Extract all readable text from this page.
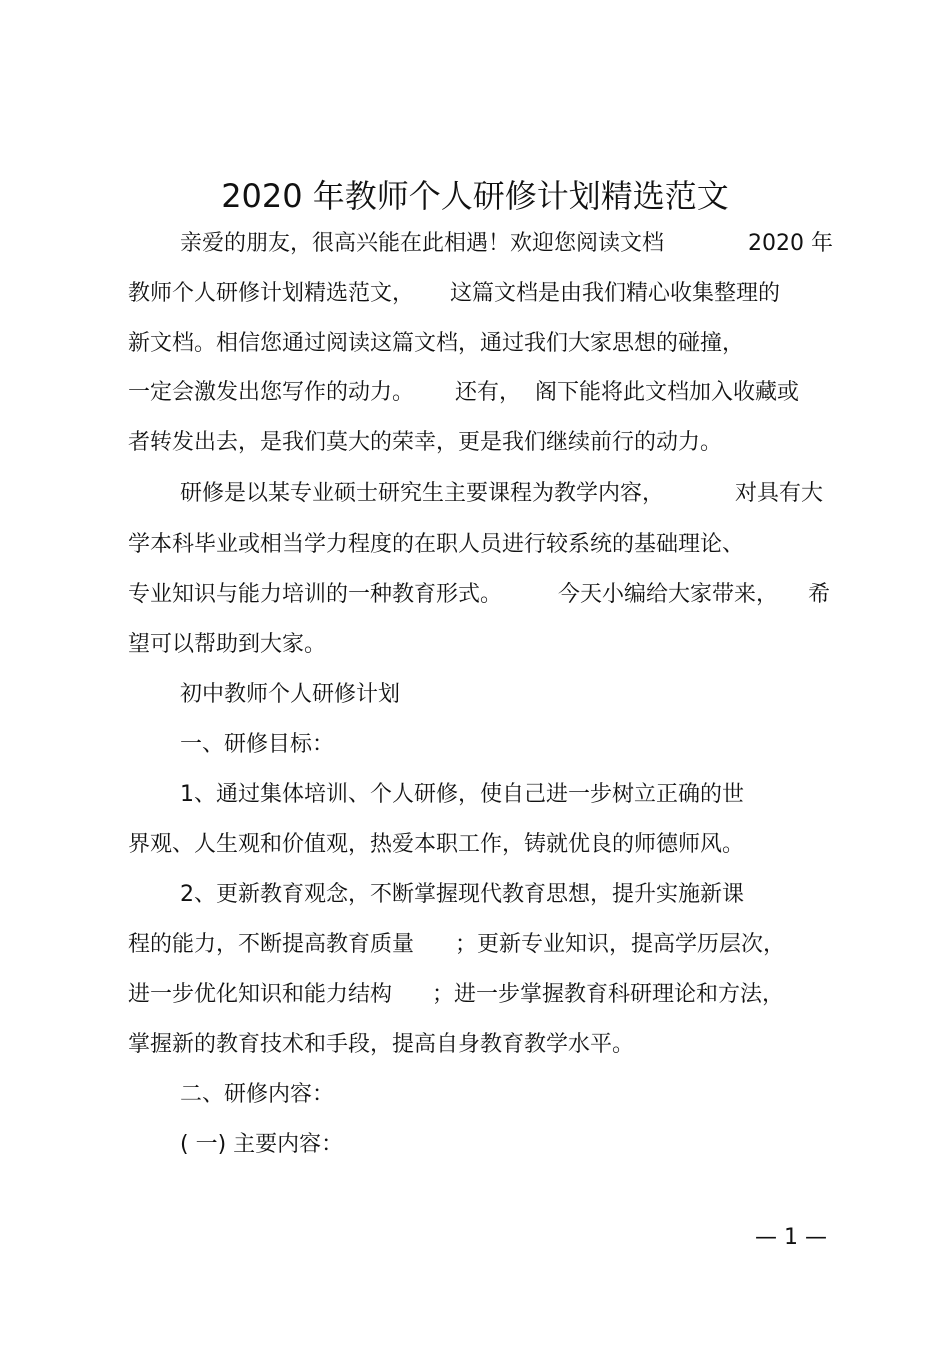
2020 年教师个人研修计划精选范文
亲爱的朋友，很高兴能在此相遇！欢迎您阅读文档	2020 年
教师个人研修计划精选范文， 这篇文档是由我们精心收集整理的
新文档。相信您通过阅读这篇文档，通过我们大家思想的碰撞，
一定会激发出您写作的动力。 还有，  阁下能将此文档加入收藏或
者转发出去，是我们莫大的荣幸，更是我们继续前行的动力。
研修是以某专业硕士研究生主要课程为教学内容，	对具有大
学本科毕业或相当学力程度的在职人员进行较系统的基础理论、
专业知识与能力培训的一种教育形式。	今天小编给大家带来， 希
望可以帮助到大家。
初中教师个人研修计划
一、研修目标：
1、通过集体培训、个人研修，使自己进一步树立正确的世
界观、人生观和价值观，热爱本职工作，铸就优良的师德师风。
2、更新教育观念，不断掌握现代教育思想，提升实施新课
程的能力，不断提高教育质量 ；更新专业知识，提高学历层次，
进一步优化知识和能力结构 ；进一步掌握教育科研理论和方法，
掌握新的教育技术和手段，提高自身教育教学水平。
二、研修内容：
( 一) 主要内容：
— 1 —
